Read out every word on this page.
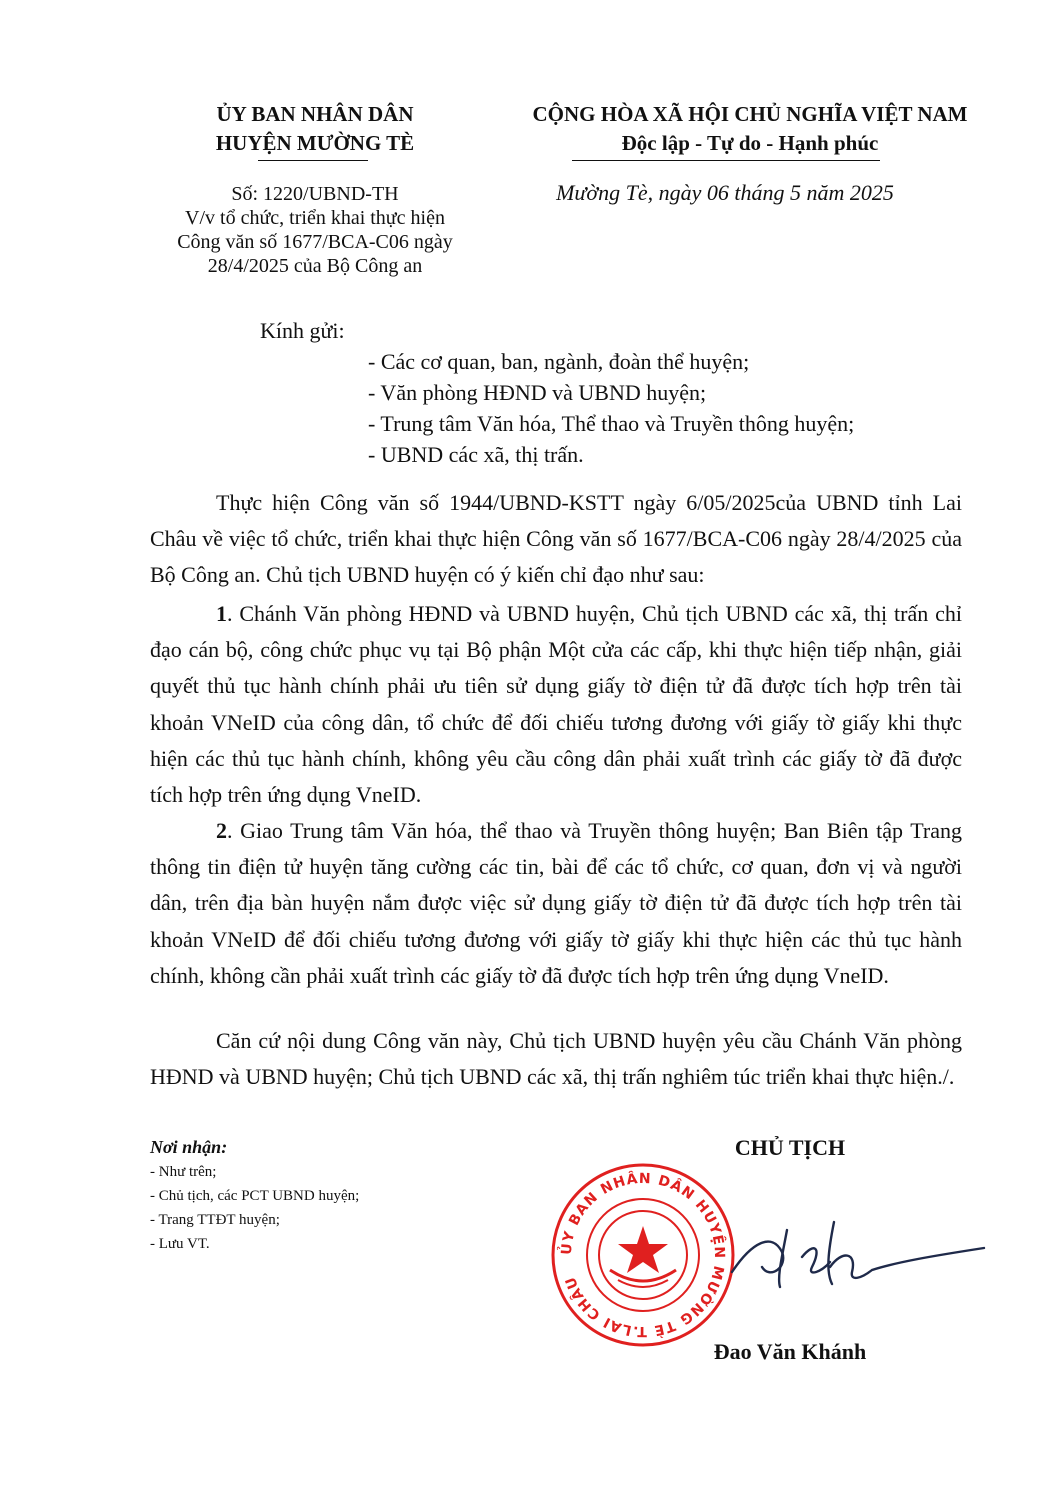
ỦY BAN NHÂN DÂN
HUYỆN MƯỜNG TÈ
CỘNG HÒA XÃ HỘI CHỦ NGHĨA VIỆT NAM
Độc lập - Tự do - Hạnh phúc
Số: 1220/UBND-TH
V/v tổ chức, triển khai thực hiện
Công văn số 1677/BCA-C06 ngày
28/4/2025 của Bộ Công an
Mường Tè, ngày 06 tháng 5 năm 2025
Kính gửi:
- Các cơ quan, ban, ngành, đoàn thể huyện;
- Văn phòng HĐND và UBND huyện;
- Trung tâm Văn hóa, Thể thao và Truyền thông huyện;
- UBND các xã, thị trấn.
Thực hiện Công văn số 1944/UBND-KSTT ngày 6/05/2025của UBND tỉnh Lai Châu về việc tổ chức, triển khai thực hiện Công văn số 1677/BCA-C06 ngày 28/4/2025 của Bộ Công an. Chủ tịch UBND huyện có ý kiến chỉ đạo như sau:
1. Chánh Văn phòng HĐND và UBND huyện, Chủ tịch UBND các xã, thị trấn chỉ đạo cán bộ, công chức phục vụ tại Bộ phận Một cửa các cấp, khi thực hiện tiếp nhận, giải quyết thủ tục hành chính phải ưu tiên sử dụng giấy tờ điện tử đã được tích hợp trên tài khoản VNeID của công dân, tổ chức để đối chiếu tương đương với giấy tờ giấy khi thực hiện các thủ tục hành chính, không yêu cầu công dân phải xuất trình các giấy tờ đã được tích hợp trên ứng dụng VneID.
2. Giao Trung tâm Văn hóa, thể thao và Truyền thông huyện; Ban Biên tập Trang thông tin điện tử huyện tăng cường các tin, bài để các tổ chức, cơ quan, đơn vị và người dân, trên địa bàn huyện nắm được việc sử dụng giấy tờ điện tử đã được tích hợp trên tài khoản VNeID để đối chiếu tương đương với giấy tờ giấy khi thực hiện các thủ tục hành chính, không cần phải xuất trình các giấy tờ đã được tích hợp trên ứng dụng VneID.
Căn cứ nội dung Công văn này, Chủ tịch UBND huyện yêu cầu Chánh Văn phòng HĐND và UBND huyện; Chủ tịch UBND các xã, thị trấn nghiêm túc triển khai thực hiện./.
Nơi nhận:
- Như trên;
- Chủ tịch, các PCT UBND huyện;
- Trang TTĐT huyện;
- Lưu VT.
CHỦ TỊCH
ỦY BAN NHÂN DÂN HUYỆN MƯỜNG TÈ T.LAI CHÂU
Đao Văn Khánh
